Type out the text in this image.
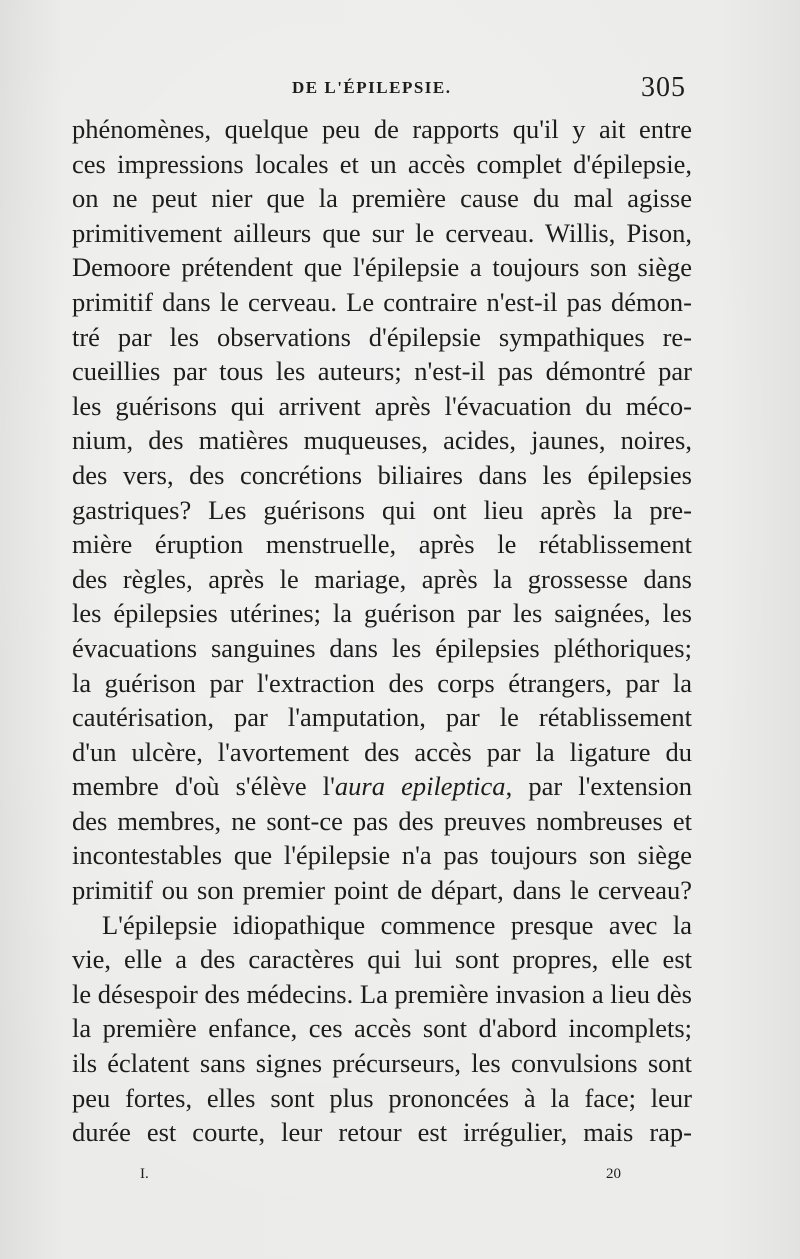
DE L'ÉPILEPSIE.	305
phénomènes, quelque peu de rapports qu'il y ait entre
ces impressions locales et un accès complet d'épilepsie,
on ne peut nier que la première cause du mal agisse
primitivement ailleurs que sur le cerveau. Willis, Pison,
Demoore prétendent que l'épilepsie a toujours son siège
primitif dans le cerveau. Le contraire n'est-il pas démon-
tré par les observations d'épilepsie sympathiques re-
cueillies par tous les auteurs; n'est-il pas démontré par
les guérisons qui arrivent après l'évacuation du méco-
nium, des matières muqueuses, acides, jaunes, noires,
des vers, des concrétions biliaires dans les épilepsies
gastriques? Les guérisons qui ont lieu après la pre-
mière éruption menstruelle, après le rétablissement
des règles, après le mariage, après la grossesse dans
les épilepsies utérines; la guérison par les saignées, les
évacuations sanguines dans les épilepsies pléthoriques;
la guérison par l'extraction des corps étrangers, par la
cautérisation, par l'amputation, par le rétablissement
d'un ulcère, l'avortement des accès par la ligature du
membre d'où s'élève l'aura epileptica, par l'extension
des membres, ne sont-ce pas des preuves nombreuses et
incontestables que l'épilepsie n'a pas toujours son siège
primitif ou son premier point de départ, dans le cerveau?
L'épilepsie idiopathique commence presque avec la
vie, elle a des caractères qui lui sont propres, elle est
le désespoir des médecins. La première invasion a lieu dès
la première enfance, ces accès sont d'abord incomplets;
ils éclatent sans signes précurseurs, les convulsions sont
peu fortes, elles sont plus prononcées à la face; leur
durée est courte, leur retour est irrégulier, mais rap-
I.	20
